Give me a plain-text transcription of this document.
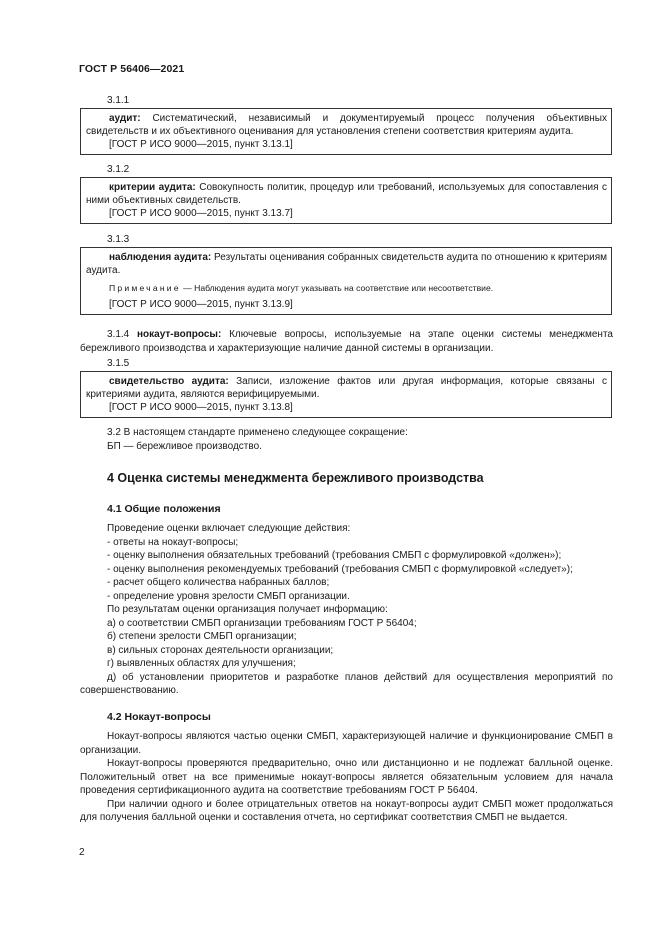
ГОСТ Р 56406—2021
3.1.1

аудит: Систематический, независимый и документируемый процесс получения объективных свидетельств и их объективного оценивания для установления степени соответствия критериям аудита.

[ГОСТ Р ИСО 9000—2015, пункт 3.13.1]

3.1.2

критерии аудита: Совокупность политик, процедур или требований, используемых для сопоставления с ними объективных свидетельств.

[ГОСТ Р ИСО 9000—2015, пункт 3.13.7]

3.1.3

наблюдения аудита: Результаты оценивания собранных свидетельств аудита по отношению к критериям аудита.

Примечание — Наблюдения аудита могут указывать на соответствие или несоответствие.

[ГОСТ Р ИСО 9000—2015, пункт 3.13.9]

3.1.4 нокаут-вопросы: Ключевые вопросы, используемые на этапе оценки системы менеджмента бережливого производства и характеризующие наличие данной системы в организации.

3.1.5

свидетельство аудита: Записи, изложение фактов или другая информация, которые связаны с критериями аудита, являются верифицируемыми.

[ГОСТ Р ИСО 9000—2015, пункт 3.13.8]

3.2 В настоящем стандарте применено следующее сокращение:

БП — бережливое производство.

4 Оценка системы менеджмента бережливого производства
4.1 Общие положения

Проведение оценки включает следующие действия:

- ответы на нокаут-вопросы;

- оценку выполнения обязательных требований (требования СМБП с формулировкой «должен»);

- оценку выполнения рекомендуемых требований (требования СМБП с формулировкой «следует»);

- расчет общего количества набранных баллов;

- определение уровня зрелости СМБП организации.

По результатам оценки организация получает информацию:

а) о соответствии СМБП организации требованиям ГОСТ Р 56404;

б) степени зрелости СМБП организации;

в) сильных сторонах деятельности организации;

г) выявленных областях для улучшения;

д) об установлении приоритетов и разработке планов действий для осуществления мероприятий по совершенствованию.

4.2 Нокаут-вопросы

Нокаут-вопросы являются частью оценки СМБП, характеризующей наличие и функционирование СМБП в организации.

Нокаут-вопросы проверяются предварительно, очно или дистанционно и не подлежат балльной оценке. Положительный ответ на все применимые нокаут-вопросы является обязательным условием для начала проведения сертификационного аудита на соответствие требованиям ГОСТ Р 56404.

При наличии одного и более отрицательных ответов на нокаут-вопросы аудит СМБП может продолжаться для получения балльной оценки и составления отчета, но сертификат соответствия СМБП не выдается.

2
